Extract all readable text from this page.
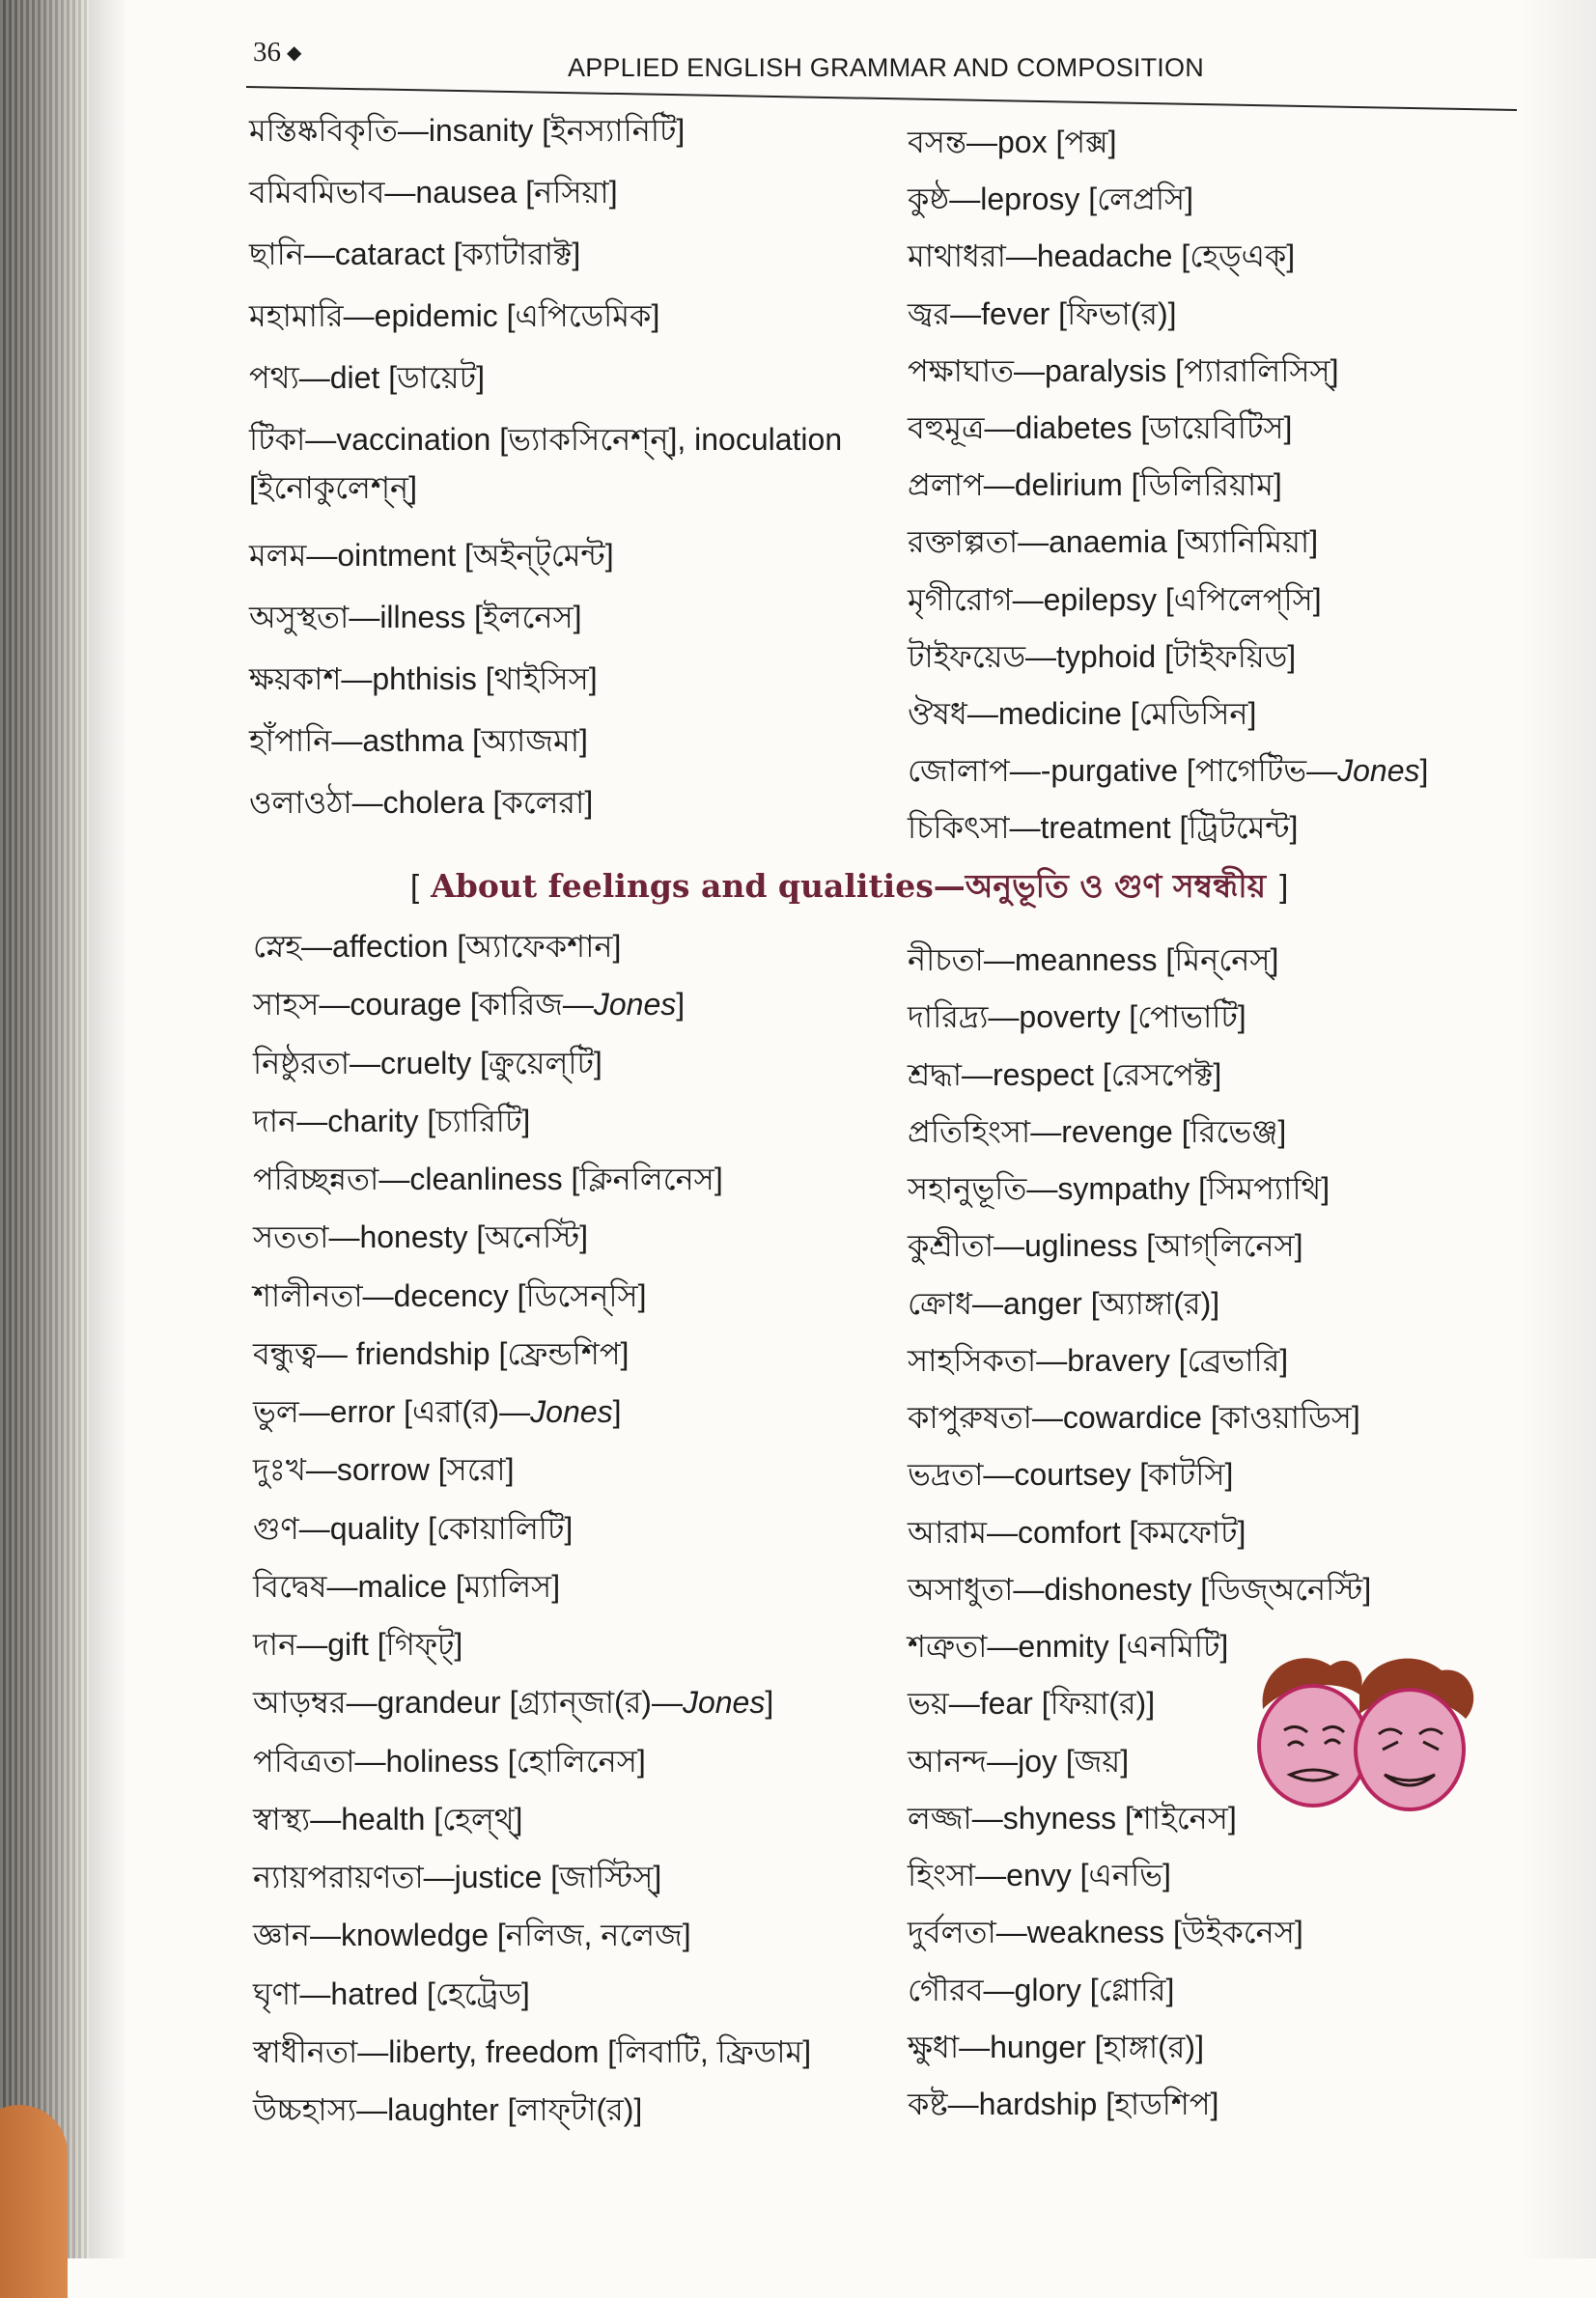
36 ◆	APPLIED ENGLISH GRAMMAR AND COMPOSITION
মস্তিষ্কবিকৃতি—insanity [ইনস্যানিটি]
বমিবমিভাব—nausea [নসিয়া]
ছানি—cataract [ক্যাটারাক্ট]
মহামারি—epidemic [এপিডেমিক]
পথ্য—diet [ডায়েট]
টিকা—vaccination [ভ্যাকসিনেশ্‌ন্‌], inoculation
[ইনোকুলেশ্‌ন্‌]
মলম—ointment [অইন্‌ট্‌মেন্ট]
অসুস্থতা—illness [ইলনেস]
ক্ষয়কাশ—phthisis [থাইসিস]
হাঁপানি—asthma [অ্যাজমা]
ওলাওঠা—cholera [কলেরা]
বসন্ত—pox [পক্স]
কুষ্ঠ—leprosy [লেপ্রসি]
মাথাধরা—headache [হেড্‌এক্‌]
জ্বর—fever [ফিভা(র)]
পক্ষাঘাত—paralysis [প্যারালিসিস্‌]
বহুমূত্র—diabetes [ডায়েবিটিস]
প্রলাপ—delirium [ডিলিরিয়াম]
রক্তাল্পতা—anaemia [অ্যানিমিয়া]
মৃগীরোগ—epilepsy [এপিলেপ্‌সি]
টাইফয়েড—typhoid [টাইফয়িড]
ঔষধ—medicine [মেডিসিন]
জোলাপ—-purgative [পাগেটিভ—Jones]
চিকিৎসা—treatment [ট্রিটমেন্ট]
[ About feelings and qualities—অনুভূতি ও গুণ সম্বন্ধীয় ]
স্নেহ—affection [অ্যাফেকশান]
সাহস—courage [কারিজ—Jones]
নিষ্ঠুরতা—cruelty [ক্রুয়েল্‌টি]
দান—charity [চ্যারিটি]
পরিচ্ছন্নতা—cleanliness [ক্লিনলিনেস]
সততা—honesty [অনেস্টি]
শালীনতা—decency [ডিসেন্‌সি]
বন্ধুত্ব— friendship [ফ্রেন্ডশিপ]
ভুল—error [এরা(র)—Jones]
দুঃখ—sorrow [সরো]
গুণ—quality [কোয়ালিটি]
বিদ্বেষ—malice [ম্যালিস]
দান—gift [গিফ্‌ট্‌]
আড়ম্বর—grandeur [গ্র্যান্‌জা(র)—Jones]
পবিত্রতা—holiness [হোলিনেস]
স্বাস্থ্য—health [হেল্‌থ্‌]
ন্যায়পরায়ণতা—justice [জাস্টিস্‌]
জ্ঞান—knowledge [নলিজ, নলেজ]
ঘৃণা—hatred [হেট্রেড]
স্বাধীনতা—liberty, freedom [লিবাটি, ফ্রিডাম]
উচ্চহাস্য—laughter [লাফ্‌টা(র)]
নীচতা—meanness [মিন্‌নেস্‌]
দারিদ্র্য—poverty [পোভাটি]
শ্রদ্ধা—respect [রেসপেক্ট]
প্রতিহিংসা—revenge [রিভেঞ্জ]
সহানুভূতি—sympathy [সিমপ্যাথি]
কুশ্রীতা—ugliness [আগ্‌লিনেস]
ক্রোধ—anger [অ্যাঙ্গা(র)]
সাহসিকতা—bravery [ব্রেভারি]
কাপুরুষতা—cowardice [কাওয়াডিস]
ভদ্রতা—courtsey [কাটসি]
আরাম—comfort [কমফোট]
অসাধুতা—dishonesty [ডিজ্‌অনেস্টি]
শত্রুতা—enmity [এনমিটি]
ভয়—fear [ফিয়া(র)]
আনন্দ—joy [জয়]
লজ্জা—shyness [শাইনেস]
হিংসা—envy [এনভি]
দুর্বলতা—weakness [উইকনেস]
গৌরব—glory [গ্লোরি]
ক্ষুধা—hunger [হাঙ্গা(র)]
কষ্ট—hardship [হাডশিপ]
